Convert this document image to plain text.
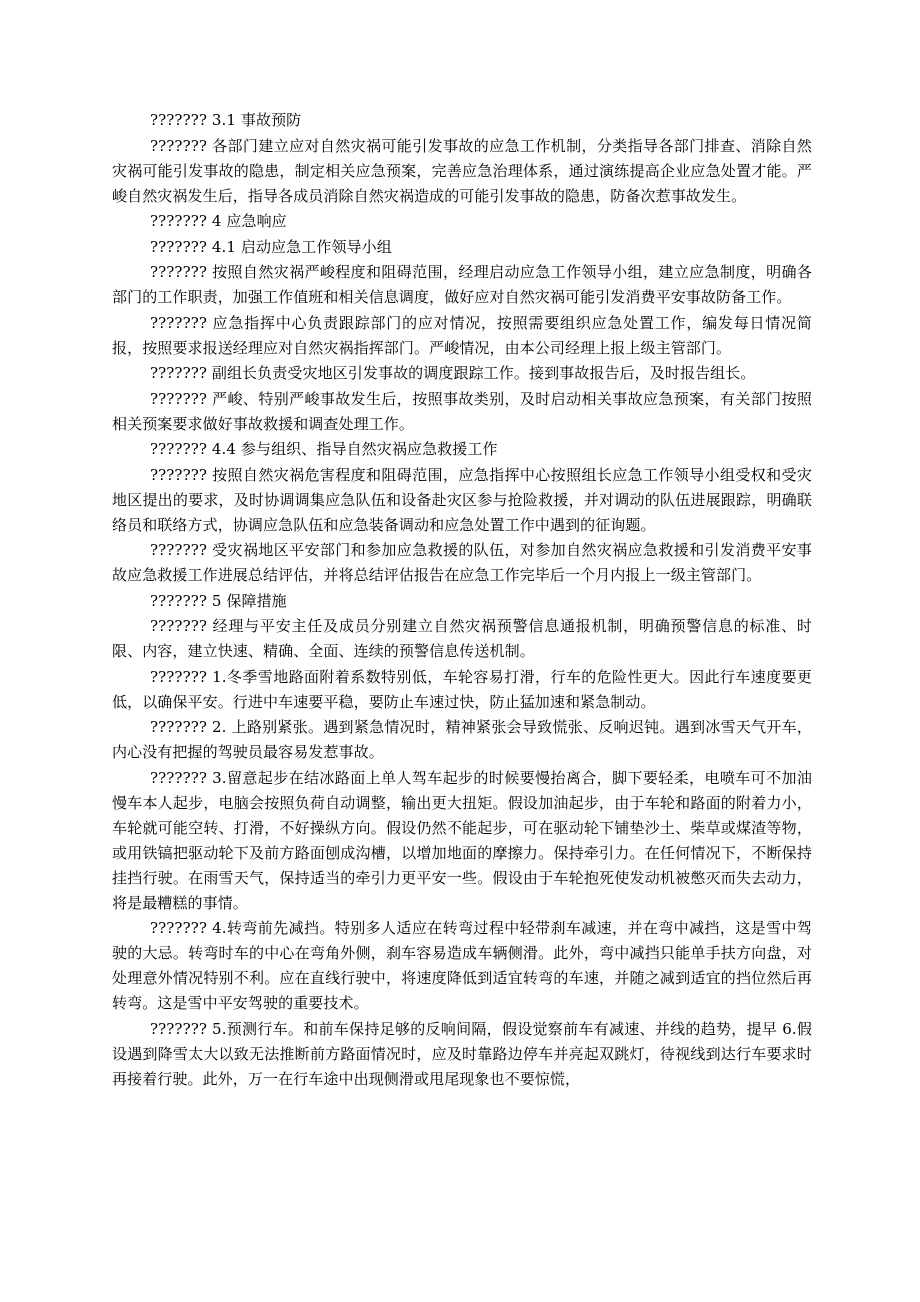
??????? 3.1 事故预防

??????? 各部门建立应对自然灾祸可能引发事故的应急工作机制，分类指导各部门排查、消除自然灾祸可能引发事故的隐患，制定相关应急预案，完善应急治理体系，通过演练提高企业应急处置才能。严峻自然灾祸发生后，指导各成员消除自然灾祸造成的可能引发事故的隐患，防备次惹事故发生。

??????? 4 应急响应

??????? 4.1 启动应急工作领导小组

??????? 按照自然灾祸严峻程度和阻碍范围，经理启动应急工作领导小组，建立应急制度，明确各部门的工作职责，加强工作值班和相关信息调度，做好应对自然灾祸可能引发消费平安事故防备工作。

??????? 应急指挥中心负责跟踪部门的应对情况，按照需要组织应急处置工作，编发每日情况简报，按照要求报送经理应对自然灾祸指挥部门。严峻情况，由本公司经理上报上级主管部门。

??????? 副组长负责受灾地区引发事故的调度跟踪工作。接到事故报告后，及时报告组长。

??????? 严峻、特别严峻事故发生后，按照事故类别，及时启动相关事故应急预案，有关部门按照相关预案要求做好事故救援和调查处理工作。

??????? 4.4 参与组织、指导自然灾祸应急救援工作

??????? 按照自然灾祸危害程度和阻碍范围，应急指挥中心按照组长应急工作领导小组受权和受灾地区提出的要求，及时协调调集应急队伍和设备赴灾区参与抢险救援，并对调动的队伍进展跟踪，明确联络员和联络方式，协调应急队伍和应急装备调动和应急处置工作中遇到的征询题。

??????? 受灾祸地区平安部门和参加应急救援的队伍，对参加自然灾祸应急救援和引发消费平安事故应急救援工作进展总结评估，并将总结评估报告在应急工作完毕后一个月内报上一级主管部门。

??????? 5 保障措施

??????? 经理与平安主任及成员分别建立自然灾祸预警信息通报机制，明确预警信息的标准、时限、内容，建立快速、精确、全面、连续的预警信息传送机制。

??????? 1.冬季雪地路面附着系数特别低，车轮容易打滑，行车的危险性更大。因此行车速度要更低，以确保平安。行进中车速要平稳，要防止车速过快，防止猛加速和紧急制动。

??????? 2. 上路别紧张。遇到紧急情况时，精神紧张会导致慌张、反响迟钝。遇到冰雪天气开车，内心没有把握的驾驶员最容易发惹事故。

??????? 3.留意起步在结冰路面上单人驾车起步的时候要慢抬离合，脚下要轻柔，电喷车可不加油慢车本人起步，电脑会按照负荷自动调整，输出更大扭矩。假设加油起步，由于车轮和路面的附着力小，车轮就可能空转、打滑，不好操纵方向。假设仍然不能起步，可在驱动轮下铺垫沙土、柴草或煤渣等物，或用铁镐把驱动轮下及前方路面刨成沟槽，以增加地面的摩擦力。保持牵引力。在任何情况下，不断保持挂挡行驶。在雨雪天气，保持适当的牵引力更平安一些。假设由于车轮抱死使发动机被憋灭而失去动力，将是最糟糕的事情。

??????? 4.转弯前先减挡。特别多人适应在转弯过程中轻带刹车减速，并在弯中减挡，这是雪中驾驶的大忌。转弯时车的中心在弯角外侧，刹车容易造成车辆侧滑。此外，弯中减挡只能单手扶方向盘，对处理意外情况特别不利。应在直线行驶中，将速度降低到适宜转弯的车速，并随之减到适宜的挡位然后再转弯。这是雪中平安驾驶的重要技术。

??????? 5.预测行车。和前车保持足够的反响间隔，假设觉察前车有减速、并线的趋势，提早 6.假设遇到降雪太大以致无法推断前方路面情况时，应及时靠路边停车并亮起双跳灯，待视线到达行车要求时再接着行驶。此外，万一在行车途中出现侧滑或甩尾现象也不要惊慌，
